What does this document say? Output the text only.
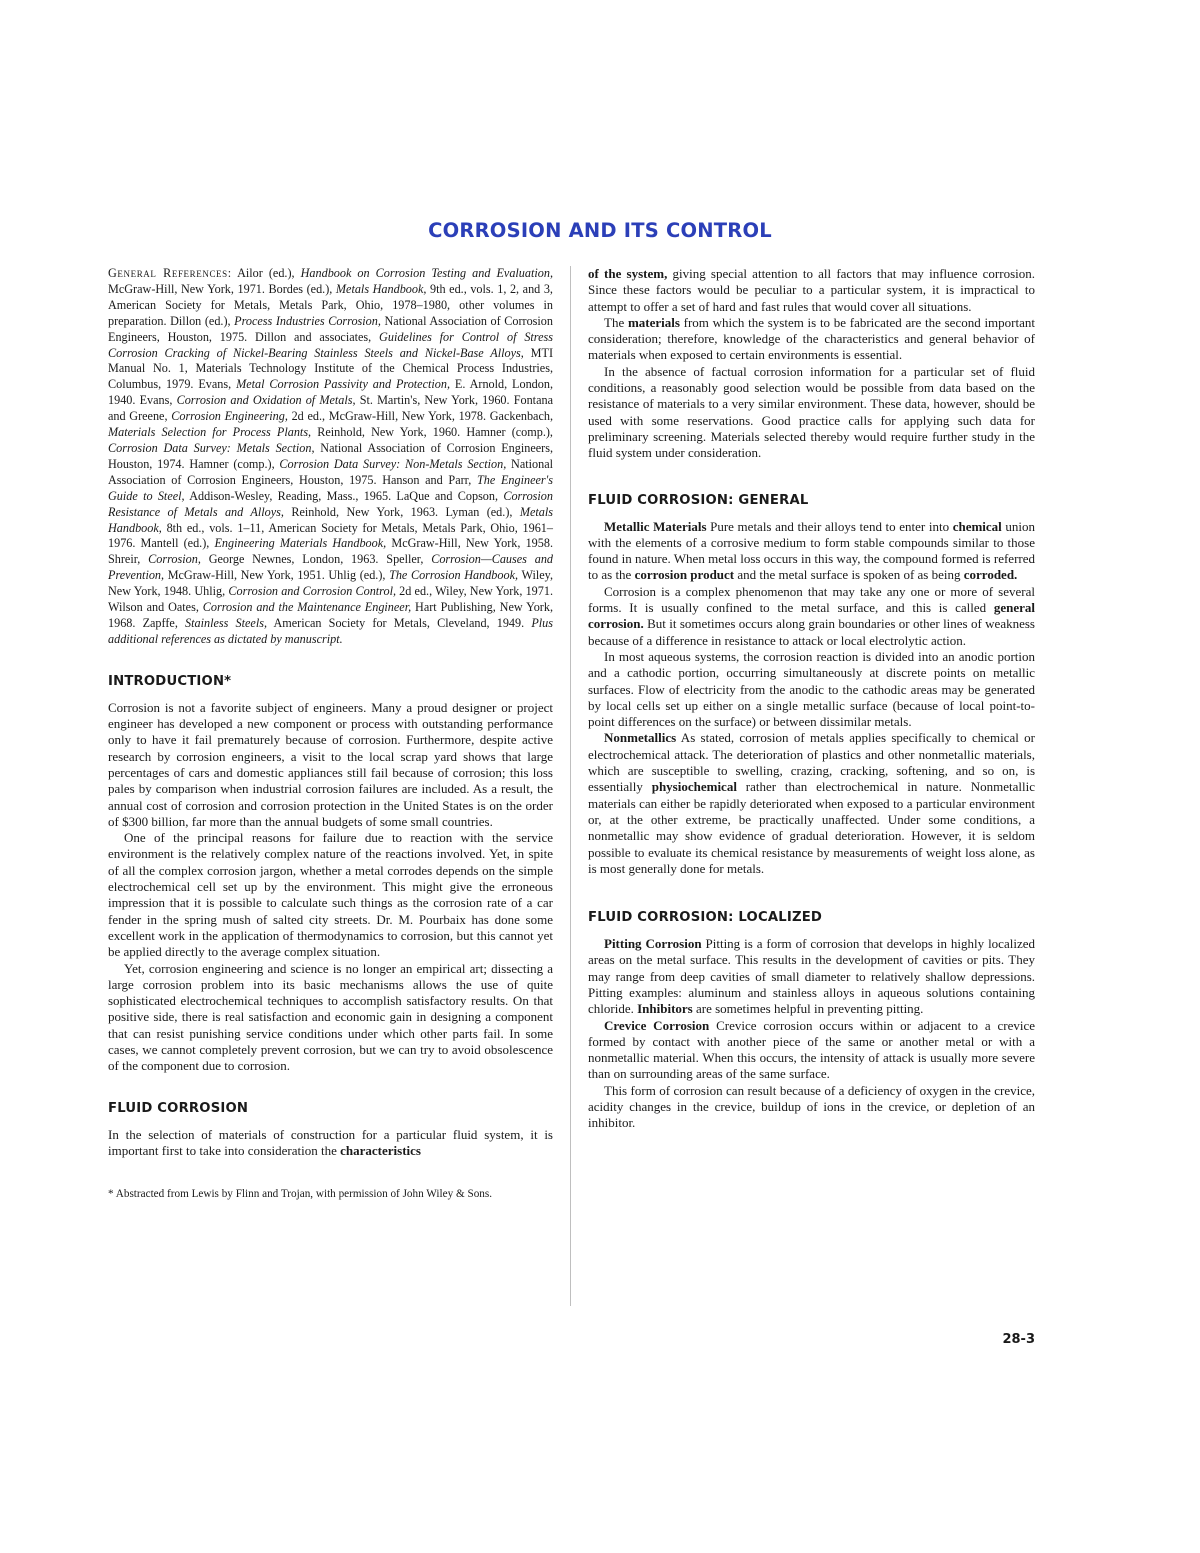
CORROSION AND ITS CONTROL

General References: Ailor (ed.), Handbook on Corrosion Testing and Evaluation, McGraw-Hill, New York, 1971. Bordes (ed.), Metals Handbook, 9th ed., vols. 1, 2, and 3, American Society for Metals, Metals Park, Ohio, 1978–1980, other volumes in preparation. Dillon (ed.), Process Industries Corrosion, National Association of Corrosion Engineers, Houston, 1975. Dillon and associates, Guidelines for Control of Stress Corrosion Cracking of Nickel-Bearing Stainless Steels and Nickel-Base Alloys, MTI Manual No. 1, Materials Technology Institute of the Chemical Process Industries, Columbus, 1979. Evans, Metal Corrosion Passivity and Protection, E. Arnold, London, 1940. Evans, Corrosion and Oxidation of Metals, St. Martin's, New York, 1960. Fontana and Greene, Corrosion Engineering, 2d ed., McGraw-Hill, New York, 1978. Gackenbach, Materials Selection for Process Plants, Reinhold, New York, 1960. Hamner (comp.), Corrosion Data Survey: Metals Section, National Association of Corrosion Engineers, Houston, 1974. Hamner (comp.), Corrosion Data Survey: Non-Metals Section, National Association of Corrosion Engineers, Houston, 1975. Hanson and Parr, The Engineer's Guide to Steel, Addison-Wesley, Reading, Mass., 1965. LaQue and Copson, Corrosion Resistance of Metals and Alloys, Reinhold, New York, 1963. Lyman (ed.), Metals Handbook, 8th ed., vols. 1–11, American Society for Metals, Metals Park, Ohio, 1961–1976. Mantell (ed.), Engineering Materials Handbook, McGraw-Hill, New York, 1958. Shreir, Corrosion, George Newnes, London, 1963. Speller, Corrosion—Causes and Prevention, McGraw-Hill, New York, 1951. Uhlig (ed.), The Corrosion Handbook, Wiley, New York, 1948. Uhlig, Corrosion and Corrosion Control, 2d ed., Wiley, New York, 1971. Wilson and Oates, Corrosion and the Maintenance Engineer, Hart Publishing, New York, 1968. Zapffe, Stainless Steels, American Society for Metals, Cleveland, 1949. Plus additional references as dictated by manuscript.

INTRODUCTION*

Corrosion is not a favorite subject of engineers. Many a proud designer or project engineer has developed a new component or process with outstanding performance only to have it fail prematurely because of corrosion. Furthermore, despite active research by corrosion engineers, a visit to the local scrap yard shows that large percentages of cars and domestic appliances still fail because of corrosion; this loss pales by comparison when industrial corrosion failures are included. As a result, the annual cost of corrosion and corrosion protection in the United States is on the order of $300 billion, far more than the annual budgets of some small countries.

One of the principal reasons for failure due to reaction with the service environment is the relatively complex nature of the reactions involved. Yet, in spite of all the complex corrosion jargon, whether a metal corrodes depends on the simple electrochemical cell set up by the environment. This might give the erroneous impression that it is possible to calculate such things as the corrosion rate of a car fender in the spring mush of salted city streets. Dr. M. Pourbaix has done some excellent work in the application of thermodynamics to corrosion, but this cannot yet be applied directly to the average complex situation.

Yet, corrosion engineering and science is no longer an empirical art; dissecting a large corrosion problem into its basic mechanisms allows the use of quite sophisticated electrochemical techniques to accomplish satisfactory results. On that positive side, there is real satisfaction and economic gain in designing a component that can resist punishing service conditions under which other parts fail. In some cases, we cannot completely prevent corrosion, but we can try to avoid obsolescence of the component due to corrosion.

FLUID CORROSION

In the selection of materials of construction for a particular fluid system, it is important first to take into consideration the characteristics

* Abstracted from Lewis by Flinn and Trojan, with permission of John Wiley & Sons.

of the system, giving special attention to all factors that may influence corrosion. Since these factors would be peculiar to a particular system, it is impractical to attempt to offer a set of hard and fast rules that would cover all situations.

The materials from which the system is to be fabricated are the second important consideration; therefore, knowledge of the characteristics and general behavior of materials when exposed to certain environments is essential.

In the absence of factual corrosion information for a particular set of fluid conditions, a reasonably good selection would be possible from data based on the resistance of materials to a very similar environment. These data, however, should be used with some reservations. Good practice calls for applying such data for preliminary screening. Materials selected thereby would require further study in the fluid system under consideration.

FLUID CORROSION: GENERAL

Metallic Materials Pure metals and their alloys tend to enter into chemical union with the elements of a corrosive medium to form stable compounds similar to those found in nature. When metal loss occurs in this way, the compound formed is referred to as the corrosion product and the metal surface is spoken of as being corroded.

Corrosion is a complex phenomenon that may take any one or more of several forms. It is usually confined to the metal surface, and this is called general corrosion. But it sometimes occurs along grain boundaries or other lines of weakness because of a difference in resistance to attack or local electrolytic action.

In most aqueous systems, the corrosion reaction is divided into an anodic portion and a cathodic portion, occurring simultaneously at discrete points on metallic surfaces. Flow of electricity from the anodic to the cathodic areas may be generated by local cells set up either on a single metallic surface (because of local point-to-point differences on the surface) or between dissimilar metals.

Nonmetallics As stated, corrosion of metals applies specifically to chemical or electrochemical attack. The deterioration of plastics and other nonmetallic materials, which are susceptible to swelling, crazing, cracking, softening, and so on, is essentially physiochemical rather than electrochemical in nature. Nonmetallic materials can either be rapidly deteriorated when exposed to a particular environment or, at the other extreme, be practically unaffected. Under some conditions, a nonmetallic may show evidence of gradual deterioration. However, it is seldom possible to evaluate its chemical resistance by measurements of weight loss alone, as is most generally done for metals.

FLUID CORROSION: LOCALIZED

Pitting Corrosion Pitting is a form of corrosion that develops in highly localized areas on the metal surface. This results in the development of cavities or pits. They may range from deep cavities of small diameter to relatively shallow depressions. Pitting examples: aluminum and stainless alloys in aqueous solutions containing chloride. Inhibitors are sometimes helpful in preventing pitting.

Crevice Corrosion Crevice corrosion occurs within or adjacent to a crevice formed by contact with another piece of the same or another metal or with a nonmetallic material. When this occurs, the intensity of attack is usually more severe than on surrounding areas of the same surface.

This form of corrosion can result because of a deficiency of oxygen in the crevice, acidity changes in the crevice, buildup of ions in the crevice, or depletion of an inhibitor.

28-3
